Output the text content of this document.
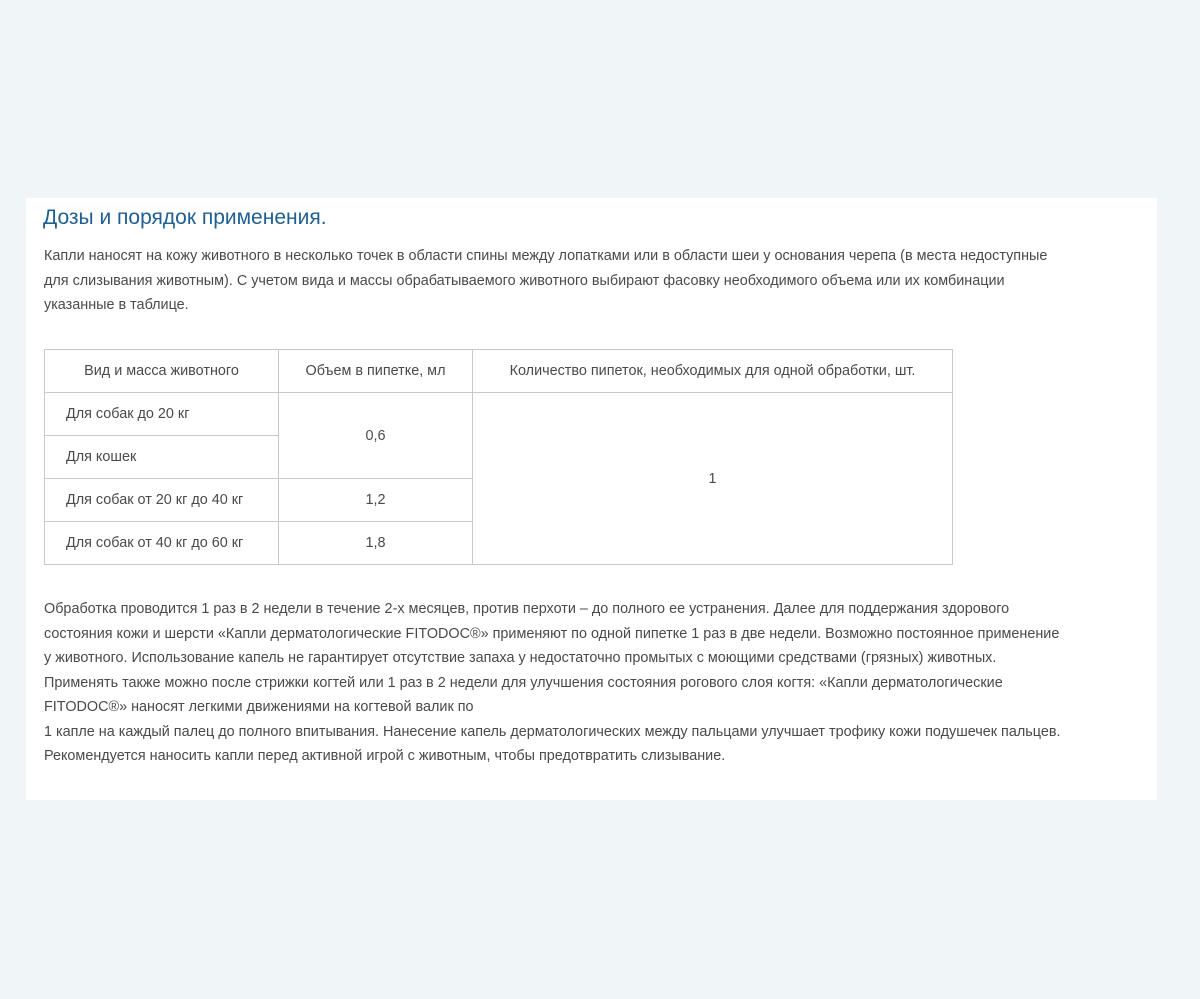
Дозы и порядок применения.

Капли наносят на кожу животного в несколько точек в области спины между лопатками или в области шеи у основания черепа (в места недоступные
для слизывания животным). С учетом вида и массы обрабатываемого животного выбирают фасовку необходимого объема или их комбинации
указанные в таблице.

Вид и масса животного	Объем в пипетке, мл	Количество пипеток, необходимых для одной обработки, шт.
Для собак до 20 кг	0,6	1
Для кошек		
Для собак от 20 кг до 40 кг	1,2	
Для собак от 40 кг до 60 кг	1,8	

Обработка проводится 1 раз в 2 недели в течение 2-х месяцев, против перхоти – до полного ее устранения. Далее для поддержания здорового
состояния кожи и шерсти «Капли дерматологические FITODOC®» применяют по одной пипетке 1 раз в две недели. Возможно постоянное применение
у животного. Использование капель не гарантирует отсутствие запаха у недостаточно промытых с моющими средствами (грязных) животных.
Применять также можно после стрижки когтей или 1 раз в 2 недели для улучшения состояния рогового слоя когтя: «Капли дерматологические
FITODOC®» наносят легкими движениями на когтевой валик по
1 капле на каждый палец до полного впитывания. Нанесение капель дерматологических между пальцами улучшает трофику кожи подушечек пальцев.
Рекомендуется наносить капли перед активной игрой с животным, чтобы предотвратить слизывание.
